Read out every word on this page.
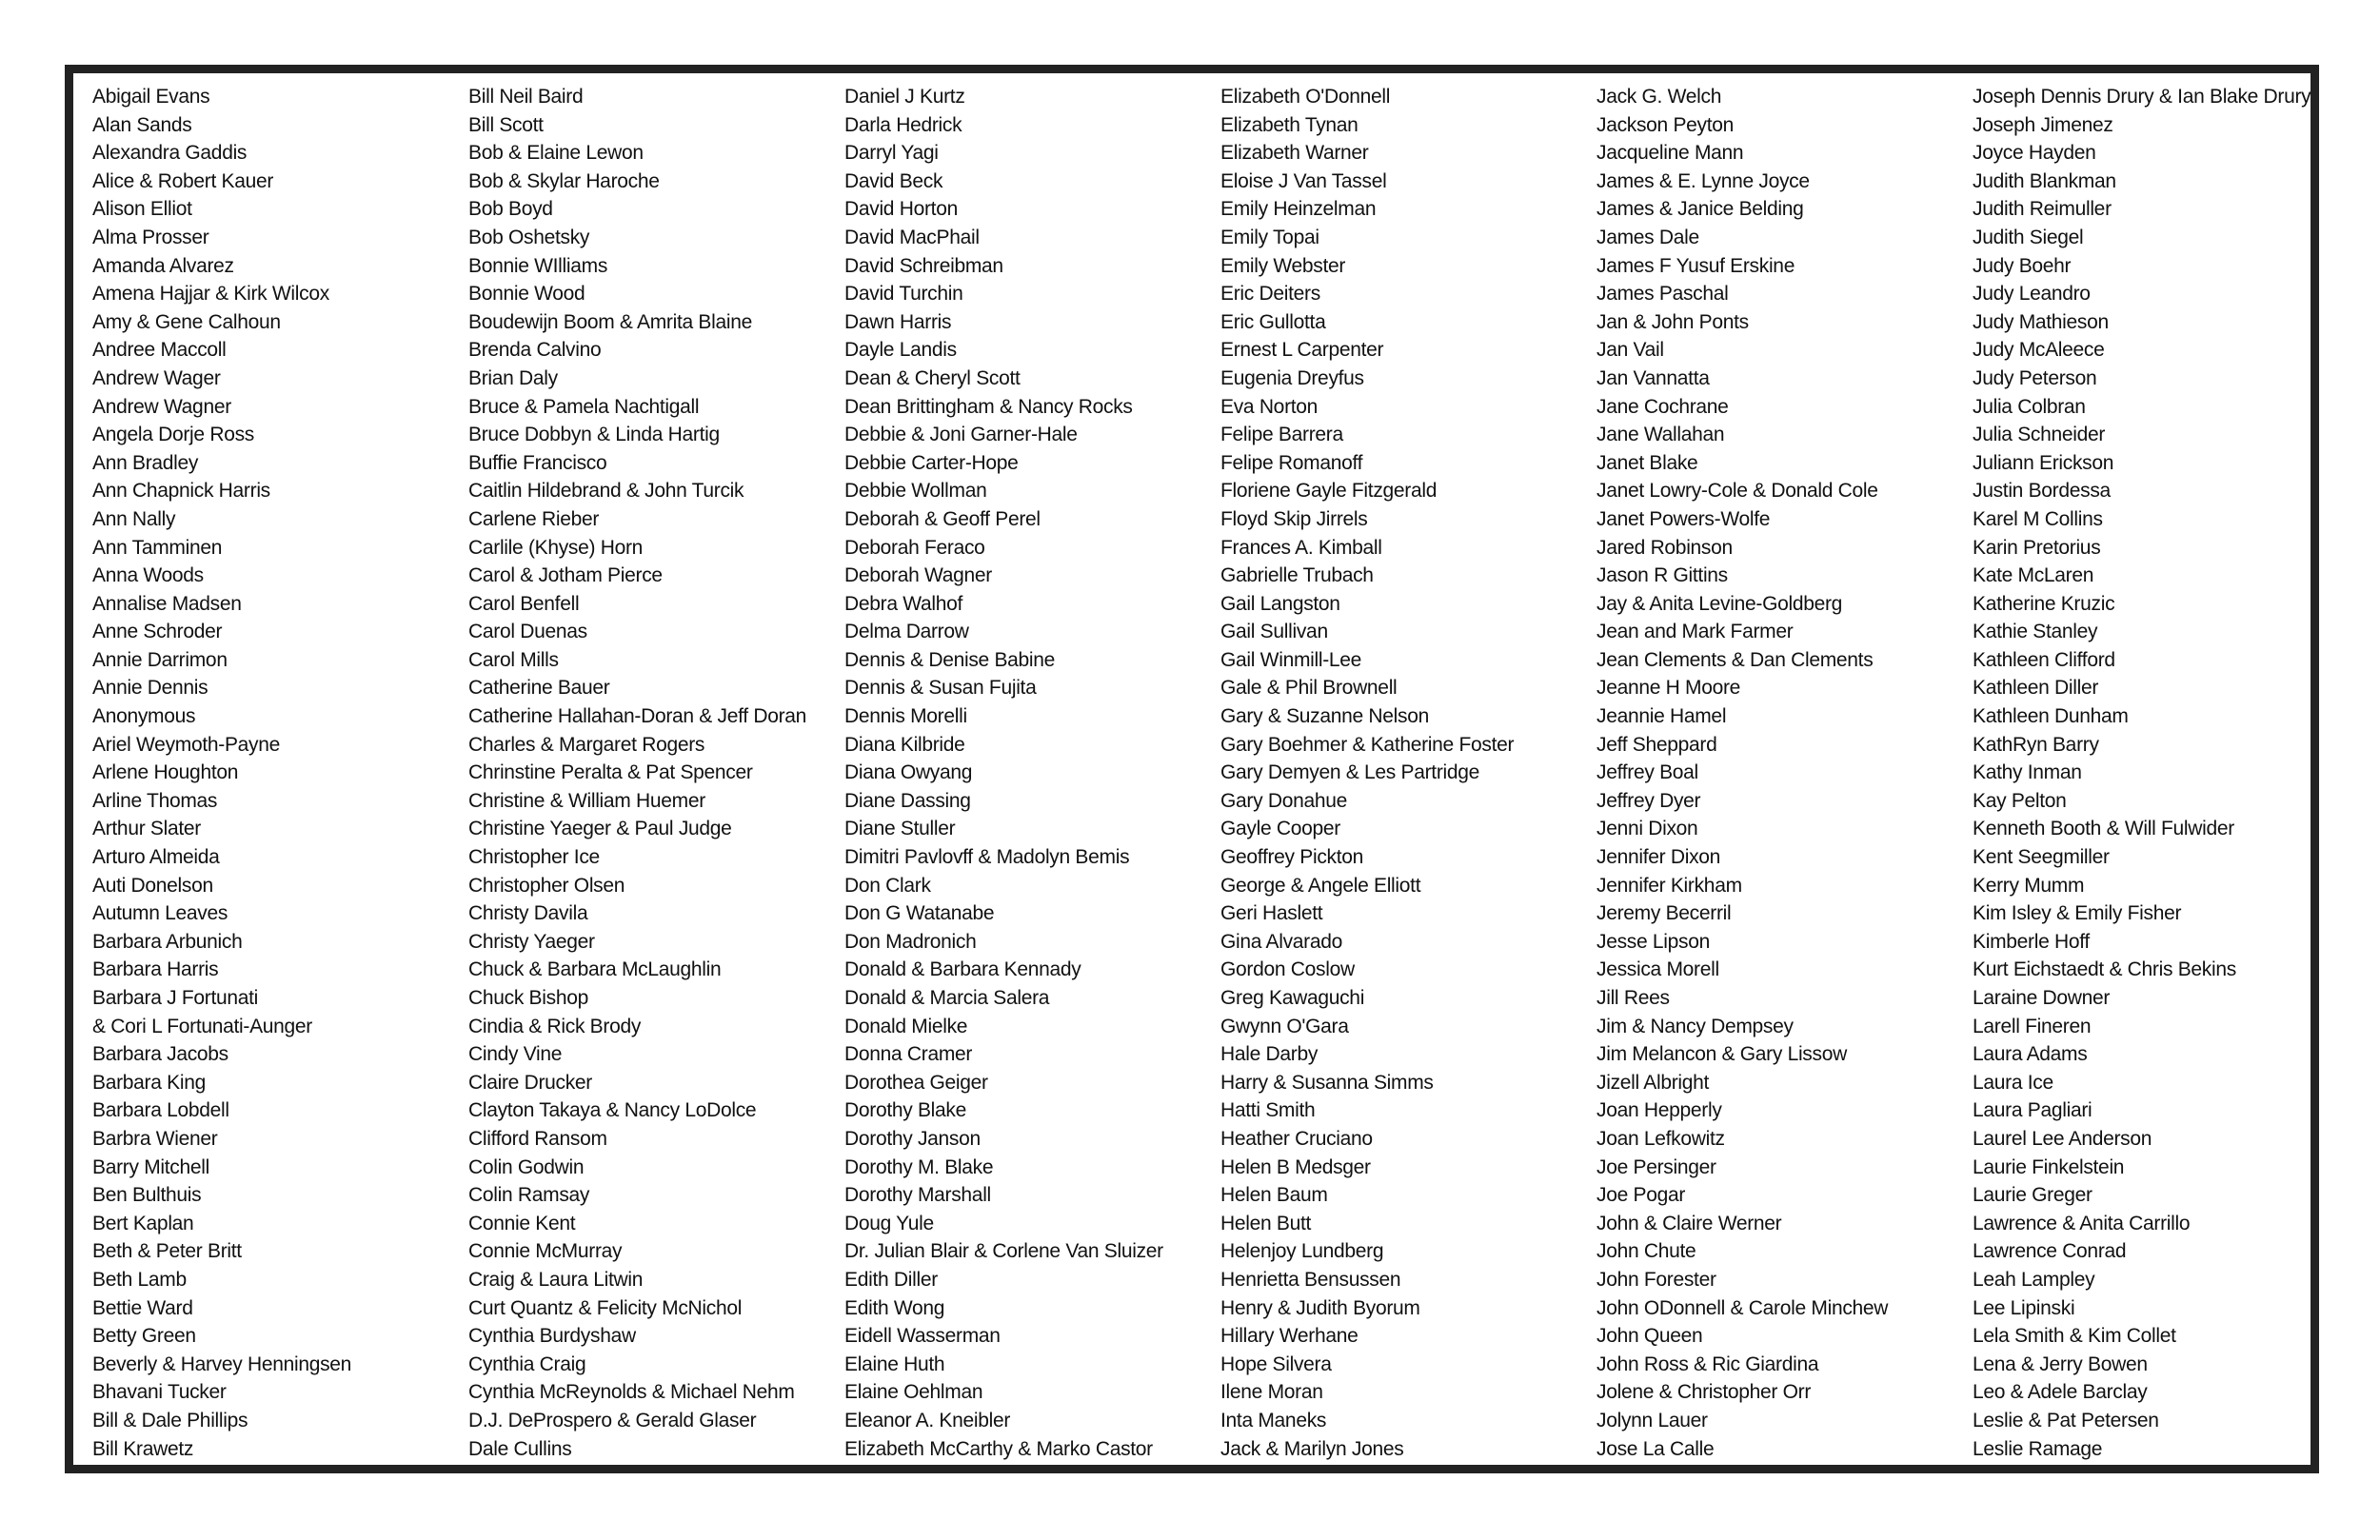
Abigail Evans
Alan Sands
Alexandra Gaddis
Alice & Robert Kauer
Alison Elliot
Alma Prosser
Amanda Alvarez
Amena Hajjar & Kirk Wilcox
Amy & Gene Calhoun
Andree Maccoll
Andrew Wager
Andrew Wagner
Angela Dorje Ross
Ann Bradley
Ann Chapnick Harris
Ann Nally
Ann Tamminen
Anna Woods
Annalise Madsen
Anne Schroder
Annie Darrimon
Annie Dennis
Anonymous
Ariel Weymoth-Payne
Arlene Houghton
Arline Thomas
Arthur Slater
Arturo Almeida
Auti Donelson
Autumn Leaves
Barbara Arbunich
Barbara Harris
Barbara J Fortunati
& Cori L Fortunati-Aunger
Barbara Jacobs
Barbara King
Barbara Lobdell
Barbra Wiener
Barry Mitchell
Ben Bulthuis
Bert Kaplan
Beth & Peter Britt
Beth Lamb
Bettie Ward
Betty Green
Beverly & Harvey Henningsen
Bhavani Tucker
Bill & Dale Phillips
Bill Krawetz
Bill Neil Baird
Bill Scott
Bob & Elaine Lewon
Bob & Skylar Haroche
Bob Boyd
Bob Oshetsky
Bonnie WIlliams
Bonnie Wood
Boudewijn Boom & Amrita Blaine
Brenda Calvino
Brian Daly
Bruce & Pamela Nachtigall
Bruce Dobbyn & Linda Hartig
Buffie Francisco
Caitlin Hildebrand & John Turcik
Carlene Rieber
Carlile (Khyse) Horn
Carol & Jotham Pierce
Carol Benfell
Carol Duenas
Carol Mills
Catherine Bauer
Catherine Hallahan-Doran & Jeff Doran
Charles & Margaret Rogers
Chrinstine Peralta & Pat Spencer
Christine & William Huemer
Christine Yaeger & Paul Judge
Christopher Ice
Christopher Olsen
Christy Davila
Christy Yaeger
Chuck & Barbara McLaughlin
Chuck Bishop
Cindia & Rick Brody
Cindy Vine
Claire Drucker
Clayton Takaya & Nancy LoDolce
Clifford Ransom
Colin Godwin
Colin Ramsay
Connie Kent
Connie McMurray
Craig & Laura Litwin
Curt Quantz & Felicity McNichol
Cynthia Burdyshaw
Cynthia Craig
Cynthia McReynolds & Michael Nehm
D.J. DeProspero & Gerald Glaser
Dale Cullins
Daniel J Kurtz
Darla Hedrick
Darryl Yagi
David Beck
David Horton
David MacPhail
David Schreibman
David Turchin
Dawn Harris
Dayle Landis
Dean & Cheryl Scott
Dean Brittingham & Nancy Rocks
Debbie & Joni Garner-Hale
Debbie Carter-Hope
Debbie Wollman
Deborah & Geoff Perel
Deborah Feraco
Deborah Wagner
Debra Walhof
Delma Darrow
Dennis & Denise Babine
Dennis & Susan Fujita
Dennis Morelli
Diana Kilbride
Diana Owyang
Diane Dassing
Diane Stuller
Dimitri Pavlovff & Madolyn Bemis
Don Clark
Don G Watanabe
Don Madronich
Donald & Barbara Kennady
Donald & Marcia Salera
Donald Mielke
Donna Cramer
Dorothea Geiger
Dorothy Blake
Dorothy Janson
Dorothy M. Blake
Dorothy Marshall
Doug Yule
Dr. Julian Blair & Corlene Van Sluizer
Edith Diller
Edith Wong
Eidell Wasserman
Elaine Huth
Elaine Oehlman
Eleanor A. Kneibler
Elizabeth McCarthy & Marko Castor
Elizabeth O'Donnell
Elizabeth Tynan
Elizabeth Warner
Eloise J Van Tassel
Emily Heinzelman
Emily Topai
Emily Webster
Eric Deiters
Eric Gullotta
Ernest L Carpenter
Eugenia Dreyfus
Eva Norton
Felipe Barrera
Felipe Romanoff
Floriene Gayle Fitzgerald
Floyd Skip Jirrels
Frances A. Kimball
Gabrielle Trubach
Gail Langston
Gail Sullivan
Gail Winmill-Lee
Gale & Phil Brownell
Gary & Suzanne Nelson
Gary Boehmer & Katherine Foster
Gary Demyen & Les Partridge
Gary Donahue
Gayle Cooper
Geoffrey Pickton
George & Angele Elliott
Geri Haslett
Gina Alvarado
Gordon Coslow
Greg Kawaguchi
Gwynn O'Gara
Hale Darby
Harry & Susanna Simms
Hatti Smith
Heather Cruciano
Helen B Medsger
Helen Baum
Helen Butt
Helenjoy Lundberg
Henrietta Bensussen
Henry & Judith Byorum
Hillary Werhane
Hope Silvera
Ilene Moran
Inta Maneks
Jack & Marilyn Jones
Jack G. Welch
Jackson Peyton
Jacqueline Mann
James & E. Lynne Joyce
James & Janice Belding
James Dale
James F Yusuf Erskine
James Paschal
Jan & John Ponts
Jan Vail
Jan Vannatta
Jane Cochrane
Jane Wallahan
Janet Blake
Janet Lowry-Cole & Donald Cole
Janet Powers-Wolfe
Jared Robinson
Jason R Gittins
Jay & Anita Levine-Goldberg
Jean and Mark Farmer
Jean Clements & Dan Clements
Jeanne H Moore
Jeannie Hamel
Jeff Sheppard
Jeffrey Boal
Jeffrey Dyer
Jenni Dixon
Jennifer Dixon
Jennifer Kirkham
Jeremy Becerril
Jesse Lipson
Jessica Morell
Jill Rees
Jim & Nancy Dempsey
Jim Melancon & Gary Lissow
Jizell Albright
Joan Hepperly
Joan Lefkowitz
Joe Persinger
Joe Pogar
John & Claire Werner
John Chute
John Forester
John ODonnell & Carole Minchew
John Queen
John Ross & Ric Giardina
Jolene & Christopher Orr
Jolynn Lauer
Jose La Calle
Joseph Dennis Drury & Ian Blake Drury
Joseph Jimenez
Joyce Hayden
Judith Blankman
Judith Reimuller
Judith Siegel
Judy Boehr
Judy Leandro
Judy Mathieson
Judy McAleece
Judy Peterson
Julia Colbran
Julia Schneider
Juliann Erickson
Justin Bordessa
Karel M Collins
Karin Pretorius
Kate McLaren
Katherine Kruzic
Kathie Stanley
Kathleen Clifford
Kathleen Diller
Kathleen Dunham
KathRyn Barry
Kathy Inman
Kay Pelton
Kenneth Booth & Will Fulwider
Kent Seegmiller
Kerry Mumm
Kim Isley & Emily Fisher
Kimberle Hoff
Kurt Eichstaedt & Chris Bekins
Laraine Downer
Larell Fineren
Laura Adams
Laura Ice
Laura Pagliari
Laurel Lee Anderson
Laurie Finkelstein
Laurie Greger
Lawrence & Anita Carrillo
Lawrence Conrad
Leah Lampley
Lee Lipinski
Lela Smith & Kim Collet
Lena & Jerry Bowen
Leo & Adele Barclay
Leslie & Pat Petersen
Leslie Ramage
